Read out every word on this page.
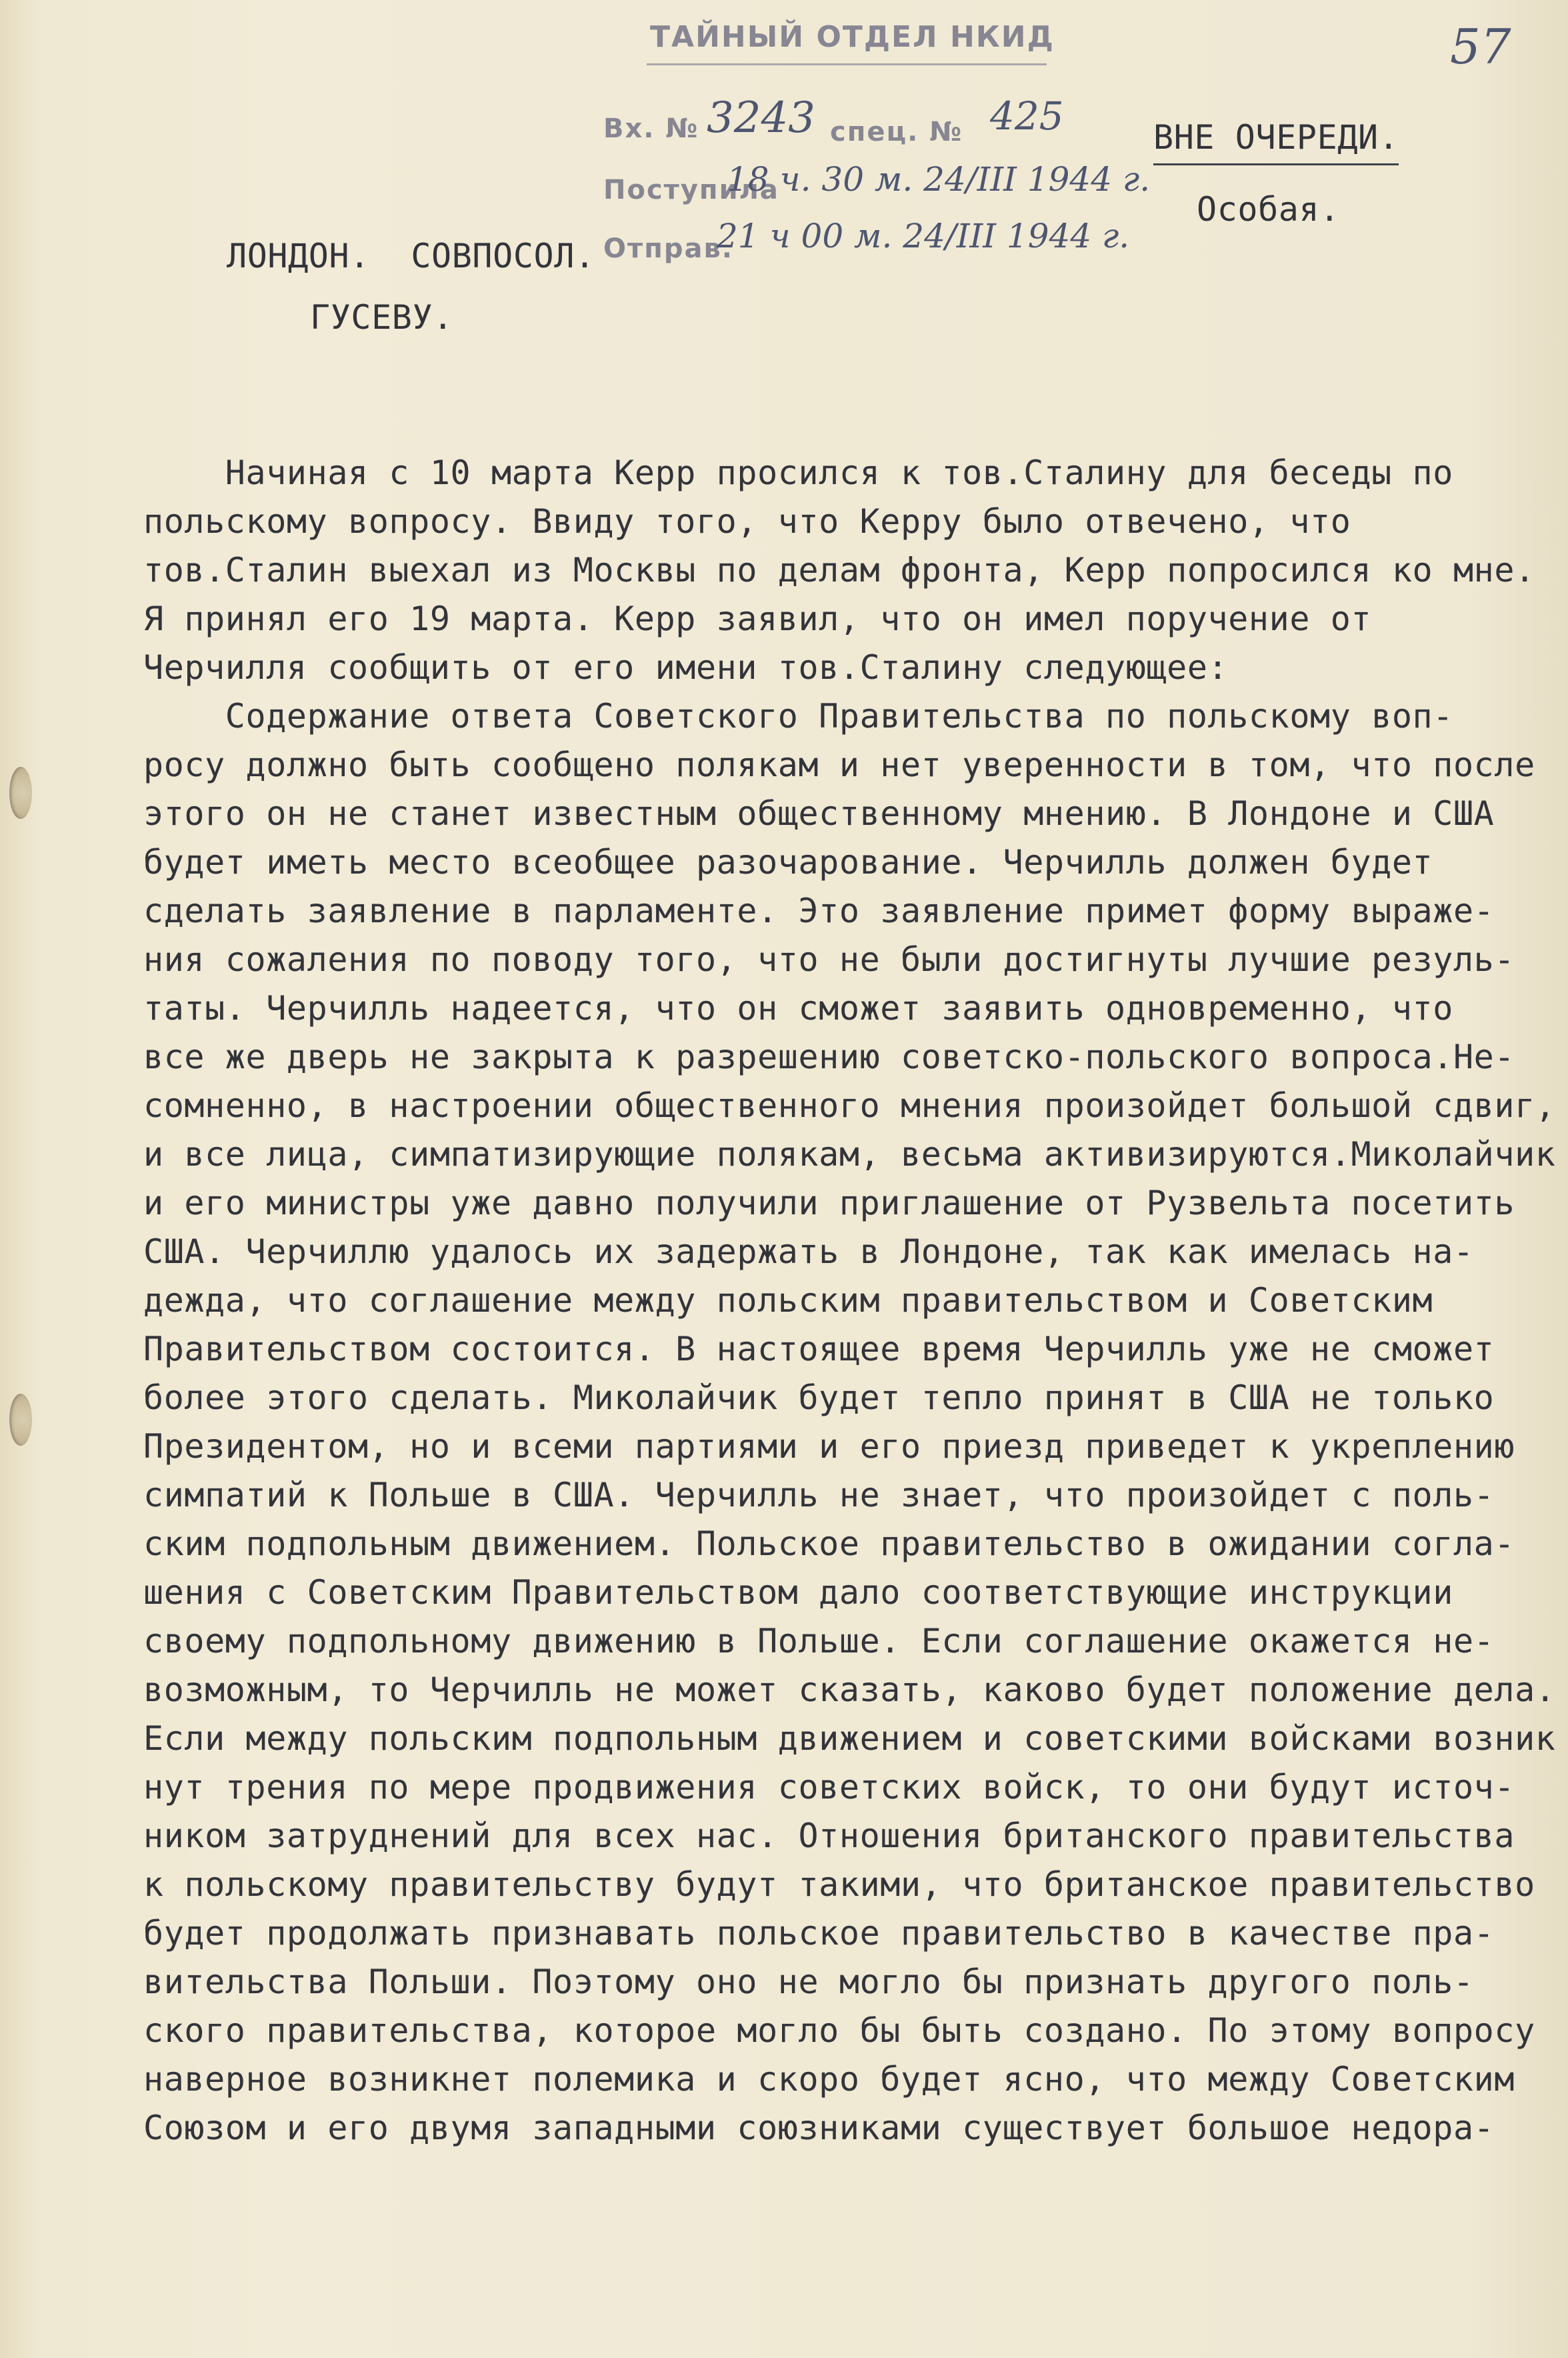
57
ТАЙНЫЙ ОТДЕЛ НКИД
Вх. № 3243 спец. № 425
Поступила
18 ч. 30 м. 24/III 1944 г.
Отправ.
21 ч 00 м. 24/III 1944 г.
ВНЕ ОЧЕРЕДИ.
Особая.
ЛОНДОН.  СОВПОСОЛ.
ГУСЕВУ.
Начиная с 10 марта Керр просился к тов.Сталину для беседы по
польскому вопросу. Ввиду того, что Керру было отвечено, что
тов.Сталин выехал из Москвы по делам фронта, Керр попросился ко мне.
Я принял его 19 марта. Керр заявил, что он имел поручение от
Черчилля сообщить от его имени тов.Сталину следующее:
Содержание ответа Советского Правительства по польскому воп-
росу должно быть сообщено полякам и нет уверенности в том, что после
этого он не станет известным общественному мнению. В Лондоне и США
будет иметь место всеобщее разочарование. Черчилль должен будет
сделать заявление в парламенте. Это заявление примет форму выраже-
ния сожаления по поводу того, что не были достигнуты лучшие резуль-
таты. Черчилль надеется, что он сможет заявить одновременно, что
все же дверь не закрыта к разрешению советско-польского вопроса.Не-
сомненно, в настроении общественного мнения произойдет большой сдвиг,
и все лица, симпатизирующие полякам, весьма активизируются.Миколайчик
и его министры уже давно получили приглашение от Рузвельта посетить
США. Черчиллю удалось их задержать в Лондоне, так как имелась на-
дежда, что соглашение между польским правительством и Советским
Правительством состоится. В настоящее время Черчилль уже не сможет
более этого сделать. Миколайчик будет тепло принят в США не только
Президентом, но и всеми партиями и его приезд приведет к укреплению
симпатий к Польше в США. Черчилль не знает, что произойдет с поль-
ским подпольным движением. Польское правительство в ожидании согла-
шения с Советским Правительством дало соответствующие инструкции
своему подпольному движению в Польше. Если соглашение окажется не-
возможным, то Черчилль не может сказать, каково будет положение дела.
Если между польским подпольным движением и советскими войсками возник
нут трения по мере продвижения советских войск, то они будут источ-
ником затруднений для всех нас. Отношения британского правительства
к польскому правительству будут такими, что британское правительство
будет продолжать признавать польское правительство в качестве пра-
вительства Польши. Поэтому оно не могло бы признать другого поль-
ского правительства, которое могло бы быть создано. По этому вопросу
наверное возникнет полемика и скоро будет ясно, что между Советским
Союзом и его двумя западными союзниками существует большое недора-
